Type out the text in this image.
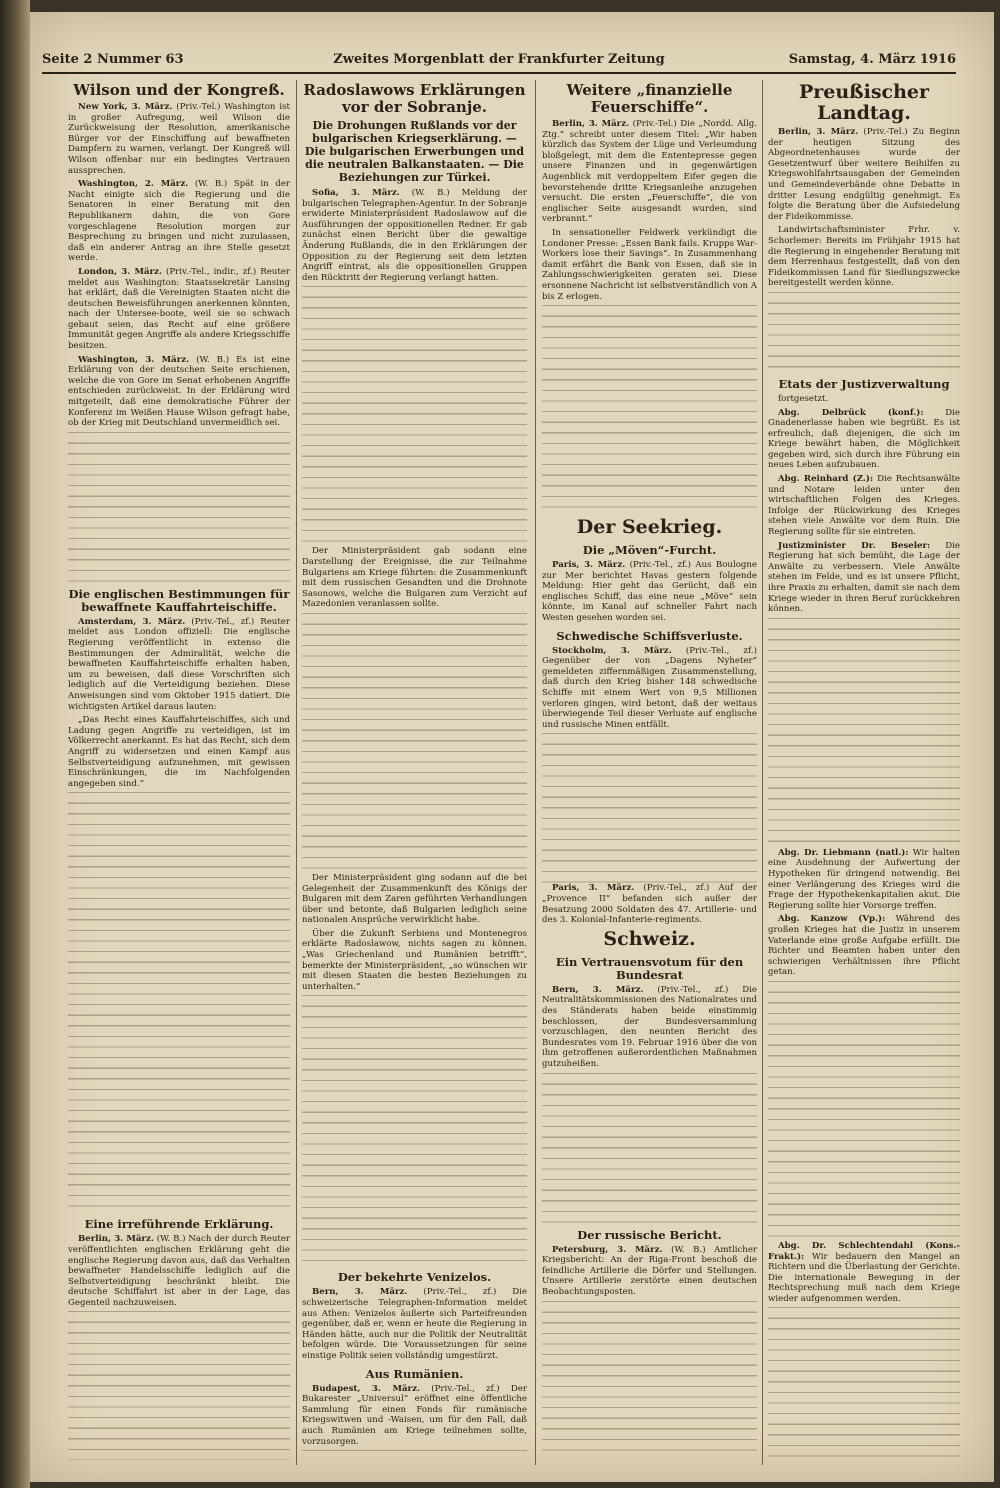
Seite 2 Nummer 63	Zweites Morgenblatt der Frankfurter Zeitung	Samstag, 4. März 1916
Wilson und der Kongreß.

New York, 3. März. (Priv.-Tel.) Washington ist in großer Aufregung, weil Wilson die Zurückweisung der Resolution, amerikanische Bürger vor der Einschiffung auf bewaffneten Dampfern zu warnen, verlangt. Der Kongreß will Wilson offenbar nur ein bedingtes Vertrauen aussprechen.

Washington, 2. März. (W. B.) Spät in der Nacht einigte sich die Regierung und die Senatoren in einer Beratung mit den Republikanern dahin, die von Gore vorgeschlagene Resolution morgen zur Besprechung zu bringen und nicht zuzulassen, daß ein anderer Antrag an ihre Stelle gesetzt werde.

London, 3. März. (Priv.-Tel., indir., zf.) Reuter meldet aus Washington: Staatssekretär Lansing hat erklärt, daß die Vereinigten Staaten nicht die deutschen Beweisführungen anerkennen könnten, nach der Untersee-boote, weil sie so schwach gebaut seien, das Recht auf eine größere Immunität gegen Angriffe als andere Kriegsschiffe besitzen.

Washington, 3. März. (W. B.) Es ist eine Erklärung von der deutschen Seite erschienen, welche die von Gore im Senat erhobenen Angriffe entschieden zurückweist. In der Erklärung wird mitgeteilt, daß eine demokratische Führer der Konferenz im Weißen Hause Wilson gefragt habe, ob der Krieg mit Deutschland unvermeidlich sei.

Die englischen Bestimmungen für bewaffnete Kauffahrteischiffe.

Amsterdam, 3. März. (Priv.-Tel., zf.) Reuter meldet aus London offiziell: Die englische Regierung veröffentlicht in extenso die Bestimmungen der Admiralität, welche die bewaffneten Kauffahrteischiffe erhalten haben, um zu beweisen, daß diese Vorschriften sich lediglich auf die Verteidigung beziehen. Diese Anweisungen sind vom Oktober 1915 datiert. Die wichtigsten Artikel daraus lauten:

„Das Recht eines Kauffahrteischiffes, sich und Ladung gegen Angriffe zu verteidigen, ist im Völkerrecht anerkannt. Es hat das Recht, sich dem Angriff zu widersetzen und einen Kampf aus Selbstverteidigung aufzunehmen, mit gewissen Einschränkungen, die im Nachfolgenden angegeben sind.“

Eine irreführende Erklärung.

Berlin, 3. März. (W. B.) Nach der durch Reuter veröffentlichten englischen Erklärung geht die englische Regierung davon aus, daß das Verhalten bewaffneter Handelsschiffe lediglich auf die Selbstverteidigung beschränkt bleibt. Die deutsche Schiffahrt ist aber in der Lage, das Gegenteil nachzuweisen.

Radoslawows Erklärungen vor der Sobranje.
Die Drohungen Rußlands vor der bulgarischen Kriegserklärung. — Die bulgarischen Erwerbungen und die neutralen Balkanstaaten. — Die Beziehungen zur Türkei.

Sofia, 3. März. (W. B.) Meldung der bulgarischen Telegraphen-Agentur. In der Sobranje erwiderte Ministerpräsident Radoslawow auf die Ausführungen der oppositionellen Redner. Er gab zunächst einen Bericht über die gewaltige Änderung Rußlands, die in den Erklärungen der Opposition zu der Regierung seit dem letzten Angriff eintrat, als die oppositionellen Gruppen den Rücktritt der Regierung verlangt hatten.

Der Ministerpräsident gab sodann eine Darstellung der Ereignisse, die zur Teilnahme Bulgariens am Kriege führten: die Zusammenkunft mit dem russischen Gesandten und die Drohnote Sasonows, welche die Bulgaren zum Verzicht auf Mazedonien veranlassen sollte.

Der Ministerpräsident ging sodann auf die bei Gelegenheit der Zusammenkunft des Königs der Bulgaren mit dem Zaren geführten Verhandlungen über und betonte, daß Bulgarien lediglich seine nationalen Ansprüche verwirklicht habe.

Über die Zukunft Serbiens und Montenegros erklärte Radoslawow, nichts sagen zu können. „Was Griechenland und Rumänien betrifft“, bemerkte der Ministerpräsident, „so wünschen wir mit diesen Staaten die besten Beziehungen zu unterhalten.“

Der bekehrte Venizelos.

Bern, 3. März. (Priv.-Tel., zf.) Die schweizerische Telegraphen-Information meldet aus Athen: Venizelos äußerte sich Parteifreunden gegenüber, daß er, wenn er heute die Regierung in Händen hätte, auch nur die Politik der Neutralität befolgen würde. Die Voraussetzungen für seine einstige Politik seien vollständig umgestürzt.

Aus Rumänien.

Budapest, 3. März. (Priv.-Tel., zf.) Der Bukarester „Universul“ eröffnet eine öffentliche Sammlung für einen Fonds für rumänische Kriegswitwen und -Waisen, um für den Fall, daß auch Rumänien am Kriege teilnehmen sollte, vorzusorgen.

Weitere „finanzielle Feuerschiffe“.

Berlin, 3. März. (Priv.-Tel.) Die „Nordd. Allg. Ztg.“ schreibt unter diesem Titel: „Wir haben kürzlich das System der Lüge und Verleumdung bloßgelegt, mit dem die Ententepresse gegen unsere Finanzen und in gegenwärtigen Augenblick mit verdoppeltem Eifer gegen die bevorstehende dritte Kriegsanleihe anzugehen versucht. Die ersten „Feuerschiffe“, die von englischer Seite ausgesandt wurden, sind verbrannt.“

In sensationeller Feldwerk verkündigt die Londoner Presse: „Essen Bank fails. Krupps War-Workers lose their Savings“. In Zusammenhang damit erfährt die Bank von Essen, daß sie in Zahlungsschwierigkeiten geraten sei. Diese ersonnene Nachricht ist selbstverständlich von A bis Z erlogen.

Der Seekrieg.
Die „Möven“-Furcht.

Paris, 3. März. (Priv.-Tel., zf.) Aus Boulogne zur Mer berichtet Havas gestern folgende Meldung: Hier geht das Gerücht, daß ein englisches Schiff, das eine neue „Möve“ sein könnte, im Kanal auf schneller Fahrt nach Westen gesehen worden sei.

Schwedische Schiffsverluste.

Stockholm, 3. März. (Priv.-Tel., zf.) Gegenüber der von „Dagens Nyheter“ gemeldeten ziffernmäßigen Zusammenstellung, daß durch den Krieg bisher 148 schwedische Schiffe mit einem Wert von 9,5 Millionen verloren gingen, wird betont, daß der weitaus überwiegende Teil dieser Verluste auf englische und russische Minen entfällt.

Paris, 3. März. (Priv.-Tel., zf.) Auf der „Provence II“ befanden sich außer der Besatzung 2000 Soldaten des 47. Artillerie- und des 3. Kolonial-Infanterie-regiments.

Schweiz.
Ein Vertrauensvotum für den Bundesrat

Bern, 3. März. (Priv.-Tel., zf.) Die Neutralitätskommissionen des Nationalrates und des Ständerats haben beide einstimmig beschlossen, der Bundesversammlung vorzuschlagen, den neunten Bericht des Bundesrates vom 19. Februar 1916 über die von ihm getroffenen außerordentlichen Maßnahmen gutzuheißen.

Der russische Bericht.

Petersburg, 3. März. (W. B.) Amtlicher Kriegsbericht: An der Riga-Front beschoß die feindliche Artillerie die Dörfer und Stellungen. Unsere Artillerie zerstörte einen deutschen Beobachtungsposten.

Preußischer Landtag.

Berlin, 3. März. (Priv.-Tel.) Zu Beginn der heutigen Sitzung des Abgeordnetenhauses wurde der Gesetzentwurf über weitere Beihilfen zu Kriegswohlfahrtsausgaben der Gemeinden und Gemeindeverbände ohne Debatte in dritter Lesung endgültig genehmigt. Es folgte die Beratung über die Aufsiedelung der Fideikommisse.

Landwirtschaftsminister Frhr. v. Schorlemer: Bereits im Frühjahr 1915 hat die Regierung in eingehender Beratung mit dem Herrenhaus festgestellt, daß von den Fideikommissen Land für Siedlungszwecke bereitgestellt werden könne.

Etats der Justizverwaltung

fortgesetzt.

Abg. Delbrück (konf.):	Die Gnadenerlasse haben wie begrüßt. Es ist erfreulich, daß diejenigen, die sich im Kriege bewährt haben, die Möglichkeit gegeben wird, sich durch ihre Führung ein neues Leben aufzubauen.

Abg. Reinhard (Z.): Die Rechtsanwälte und Notare leiden unter den wirtschaftlichen Folgen des Krieges. Infolge der Rückwirkung des Krieges stehen viele Anwälte vor dem Ruin. Die Regierung sollte für sie eintreten.

Justizminister Dr. Beseler: Die Regierung hat sich bemüht, die Lage der Anwälte zu verbessern. Viele Anwälte stehen im Felde, und es ist unsere Pflicht, ihre Praxis zu erhalten, damit sie nach dem Kriege wieder in ihren Beruf zurückkehren können.

Abg. Dr. Liebmann (natl.): Wir halten eine Ausdehnung der Aufwertung der Hypotheken für dringend notwendig. Bei einer Verlängerung des Krieges wird die Frage der Hypothekenkapitalien akut. Die Regierung sollte hier Vorsorge treffen.

Abg. Kanzow (Vp.): Während des großen Krieges hat die Justiz in unserem Vaterlande eine große Aufgabe erfüllt. Die Richter und Beamten haben unter den schwierigen Verhältnissen ihre Pflicht getan.

Abg. Dr. Schlechtendahl (Kons.-Frakt.): Wir bedauern den Mangel an Richtern und die Überlastung der Gerichte. Die internationale Bewegung in der Rechtsprechung muß nach dem Kriege wieder aufgenommen werden.
